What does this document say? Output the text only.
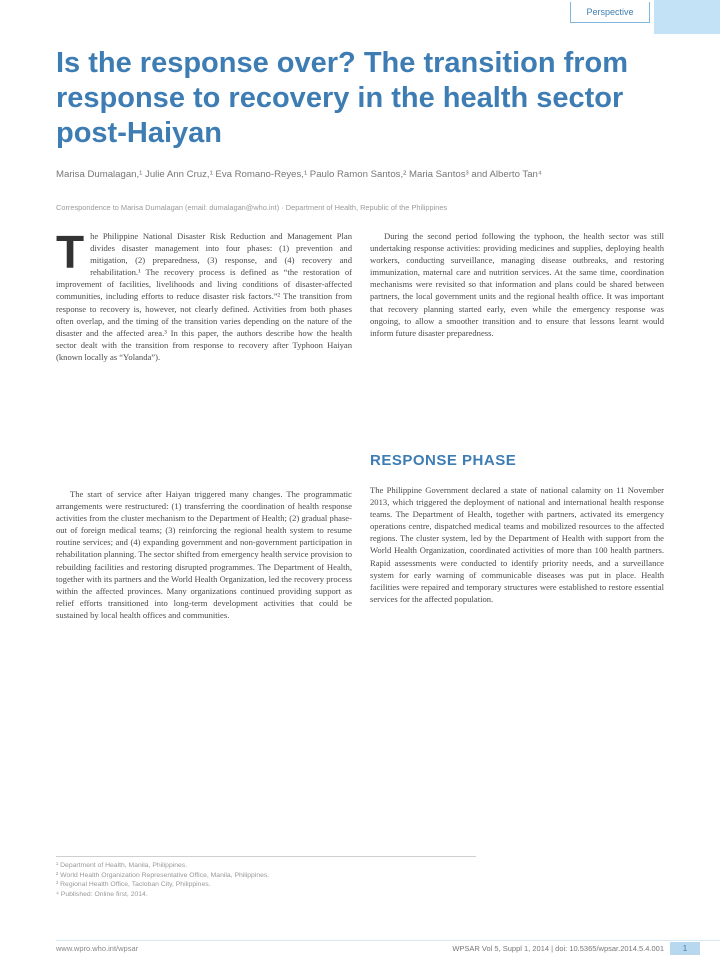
Perspective
Is the response over? The transition from response to recovery in the health sector post-Haiyan
Marisa Dumalagan,¹ Julie Ann Cruz,¹ Eva Romano-Reyes,¹ Paulo Ramon Santos,² Maria Santos³ and Alberto Tan⁴
Correspondence to Marisa Dumalagan (email: dumalagan@who.int) · Department of Health, Republic of the Philippines
T he Philippine National Disaster Risk Reduction and Management Plan divides disaster management into four phases: (1) prevention and mitigation, (2) preparedness, (3) response, and (4) recovery and rehabilitation.¹ The recovery process is defined as “the restoration of improvement of facilities, livelihoods and living conditions of disaster-affected communities, including efforts to reduce disaster risk factors.”² The transition from response to recovery is, however, not clearly defined. Activities from both phases often overlap, and the timing of the transition varies depending on the nature of the disaster and the affected area.³ In this paper, the authors describe how the health sector dealt with the transition from response to recovery after Typhoon Haiyan (known locally as “Yolanda”).

The start of service after Haiyan triggered many changes. The programmatic arrangements were restructured: (1) transferring the coordination of health response activities from the cluster mechanism to the Department of Health; (2) gradual phase-out of foreign medical teams; (3) reinforcing the regional health system to resume routine services; and (4) expanding government and non-government participation in rehabilitation planning. The sector shifted from emergency health service provision to rebuilding facilities and restoring disrupted programmes. The Department of Health, together with its partners and the World Health Organization, led the recovery process within the affected provinces. Many organizations continued providing support as relief efforts transitioned into long-term development activities that could be sustained by local health offices and communities.

During the second period following the typhoon, the health sector was still undertaking response activities: providing medicines and supplies, deploying health workers, conducting surveillance, managing disease outbreaks, and restoring immunization, maternal care and nutrition services. At the same time, coordination mechanisms were revisited so that information and plans could be shared between partners, the local government units and the regional health office. It was important that recovery planning started early, even while the emergency response was ongoing, to allow a smoother transition and to ensure that lessons learnt would inform future disaster preparedness.

RESPONSE PHASE

The Philippine Government declared a state of national calamity on 11 November 2013, which triggered the deployment of national and international health response teams. The Department of Health, together with partners, activated its emergency operations centre, dispatched medical teams and mobilized resources to the affected regions. The cluster system, led by the Department of Health with support from the World Health Organization, coordinated activities of more than 100 health partners. Rapid assessments were conducted to identify priority needs, and a surveillance system for early warning of communicable diseases was put in place. Health facilities were repaired and temporary structures were established to restore essential services for the affected population.

¹ Department of Health, Manila, Philippines.
² World Health Organization Representative Office, Manila, Philippines.
³ Regional Health Office, Tacloban City, Philippines.
⁴ Published: Online first, 2014.
www.wpro.who.int/wpsar	WPSAR Vol 5, Suppl 1, 2014 | doi: 10.5365/wpsar.2014.5.4.001	1
